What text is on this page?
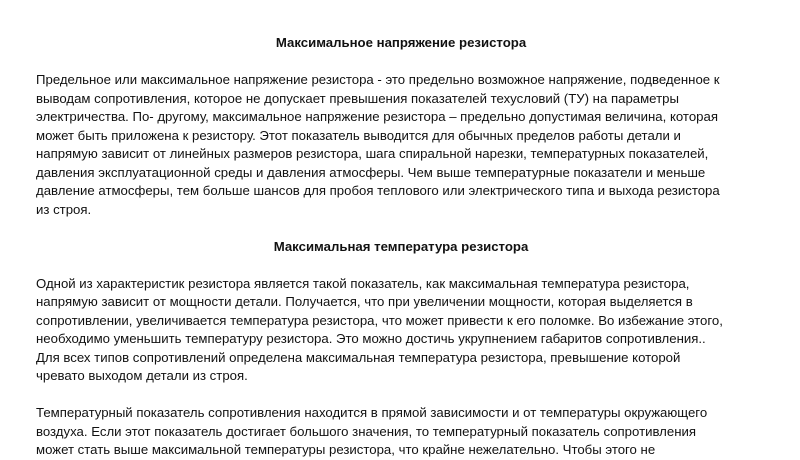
Максимальное напряжение резистора

Предельное или максимальное напряжение резистора - это предельно возможное напряжение, подведенное к
выводам сопротивления, которое не допускает превышения показателей техусловий (ТУ) на параметры
электричества. По- другому, максимальное напряжение резистора – предельно допустимая величина, которая
может быть приложена к резистору. Этот показатель выводится для обычных пределов работы детали и
напрямую зависит от линейных размеров резистора, шага спиральной нарезки, температурных показателей,
давления эксплуатационной среды и давления атмосферы. Чем выше температурные показатели и меньше
давление атмосферы, тем больше шансов для пробоя теплового или электрического типа и выхода резистора
из строя.

Максимальная температура резистора

Одной из характеристик резистора является такой показатель, как максимальная температура резистора,
напрямую зависит от мощности детали. Получается, что при увеличении мощности, которая выделяется в
сопротивлении, увеличивается температура резистора, что может привести к его поломке. Во избежание этого,
необходимо уменьшить температуру резистора. Это можно достичь укрупнением габаритов сопротивления..
Для всех типов сопротивлений определена максимальная температура резистора, превышение которой
чревато выходом детали из строя.

Температурный показатель сопротивления находится в прямой зависимости и от температуры окружающего
воздуха. Если этот показатель достигает большого значения, то температурный показатель сопротивления
может стать выше максимальной температуры резистора, что крайне нежелательно. Чтобы этого не
